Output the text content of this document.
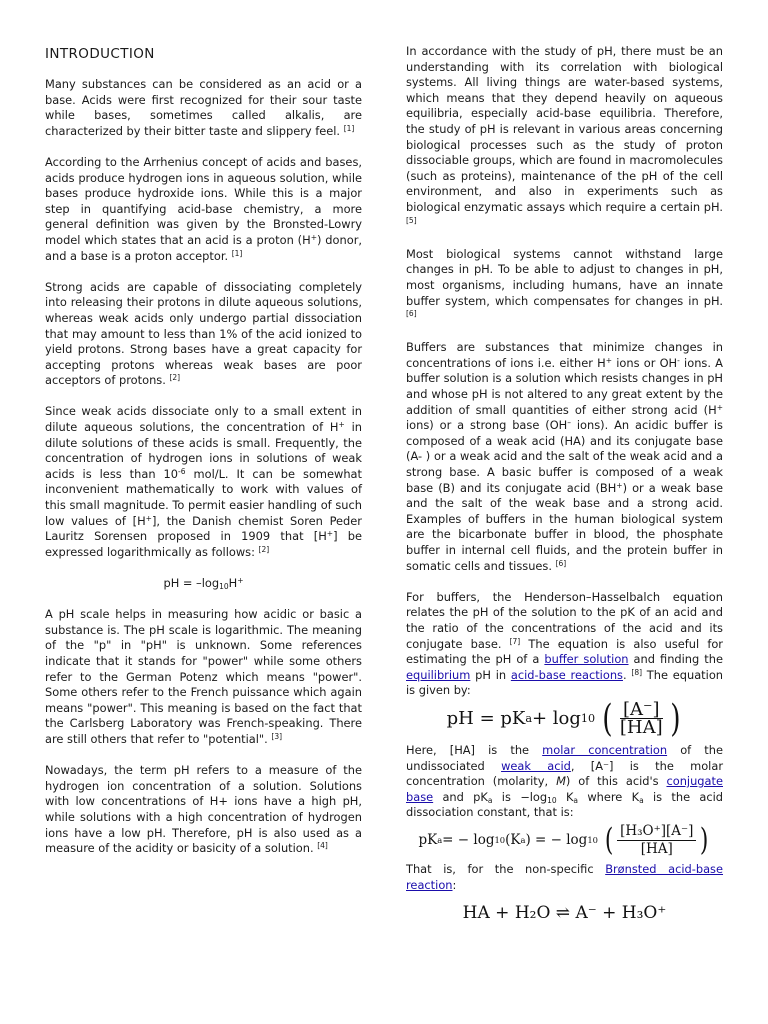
INTRODUCTION

Many substances can be considered as an acid or a base. Acids were first recognized for their sour taste while bases, sometimes called alkalis, are characterized by their bitter taste and slippery feel. [1]

According to the Arrhenius concept of acids and bases, acids produce hydrogen ions in aqueous solution, while bases produce hydroxide ions. While this is a major step in quantifying acid-base chemistry, a more general definition was given by the Bronsted-Lowry model which states that an acid is a proton (H+) donor, and a base is a proton acceptor. [1]

Strong acids are capable of dissociating completely into releasing their protons in dilute aqueous solutions, whereas weak acids only undergo partial dissociation that may amount to less than 1% of the acid ionized to yield protons. Strong bases have a great capacity for accepting protons whereas weak bases are poor acceptors of protons. [2]

Since weak acids dissociate only to a small extent in dilute aqueous solutions, the concentration of H+ in dilute solutions of these acids is small. Frequently, the concentration of hydrogen ions in solutions of weak acids is less than $10^{-6}$ mol/L. It can be somewhat inconvenient mathematically to work with values of this small magnitude. To permit easier handling of such low values of [H+], the Danish chemist Soren Peder Lauritz Sorensen proposed in 1909 that [H+] be expressed logarithmically as follows: [2]

pH = $-\log_{10}H^+$

A pH scale helps in measuring how acidic or basic a substance is. The pH scale is logarithmic. The meaning of the "p" in "pH" is unknown. Some references indicate that it stands for "power" while some others refer to the German Potenz which means "power". Some others refer to the French puissance which again means "power". This meaning is based on the fact that the Carlsberg Laboratory was French-speaking. There are still others that refer to "potential". [3]

Nowadays, the term pH refers to a measure of the hydrogen ion concentration of a solution. Solutions with low concentrations of H+ ions have a high pH, while solutions with a high concentration of hydrogen ions have a low pH. Therefore, pH is also used as a measure of the acidity or basicity of a solution. [4]

In accordance with the study of pH, there must be an understanding with its correlation with biological systems. All living things are water-based systems, which means that they depend heavily on aqueous equilibria, especially acid-base equilibria. Therefore, the study of pH is relevant in various areas concerning biological processes such as the study of proton dissociable groups, which are found in macromolecules (such as proteins), maintenance of the pH of the cell environment, and also in experiments such as biological enzymatic assays which require a certain pH. [5]

Most biological systems cannot withstand large changes in pH. To be able to adjust to changes in pH, most organisms, including humans, have an innate buffer system, which compensates for changes in pH. [6]

Buffers are substances that minimize changes in concentrations of ions i.e. either H+ ions or OH- ions. A buffer solution is a solution which resists changes in pH and whose pH is not altered to any great extent by the addition of small quantities of either strong acid (H+ ions) or a strong base (OH– ions). An acidic buffer is composed of a weak acid (HA) and its conjugate base (A- ) or a weak acid and the salt of the weak acid and a strong base. A basic buffer is composed of a weak base (B) and its conjugate acid (BH+) or a weak base and the salt of the weak base and a strong acid. Examples of buffers in the human biological system are the bicarbonate buffer in blood, the phosphate buffer in internal cell fluids, and the protein buffer in somatic cells and tissues. [6]

For buffers, the Henderson–Hasselbalch equation relates the pH of the solution to the pK of an acid and the ratio of the concentrations of the acid and its conjugate base. [7] The equation is also useful for estimating the pH of a buffer solution and finding the equilibrium pH in acid-base reactions. [8] The equation is given by:

pH = pK a + log 10 ( $\frac{[A^-]}{[HA]}$ )

Here, [HA] is the molar concentration of the undissociated weak acid, [A⁻] is the molar concentration (molarity, M) of this acid's conjugate base and $pK_a$ is $-\log_{10}$ $K_a$ where $K_a$ is the acid dissociation constant, that is:

pK a = − log 10 (K a ) = − log 10 ( $\frac{\text{[H₃O⁺][A⁻]}}{[HA]}$ )

That is, for the non-specific Brønsted acid-base reaction:

HA + H₂O ⇌ A⁻ + H₃O⁺
